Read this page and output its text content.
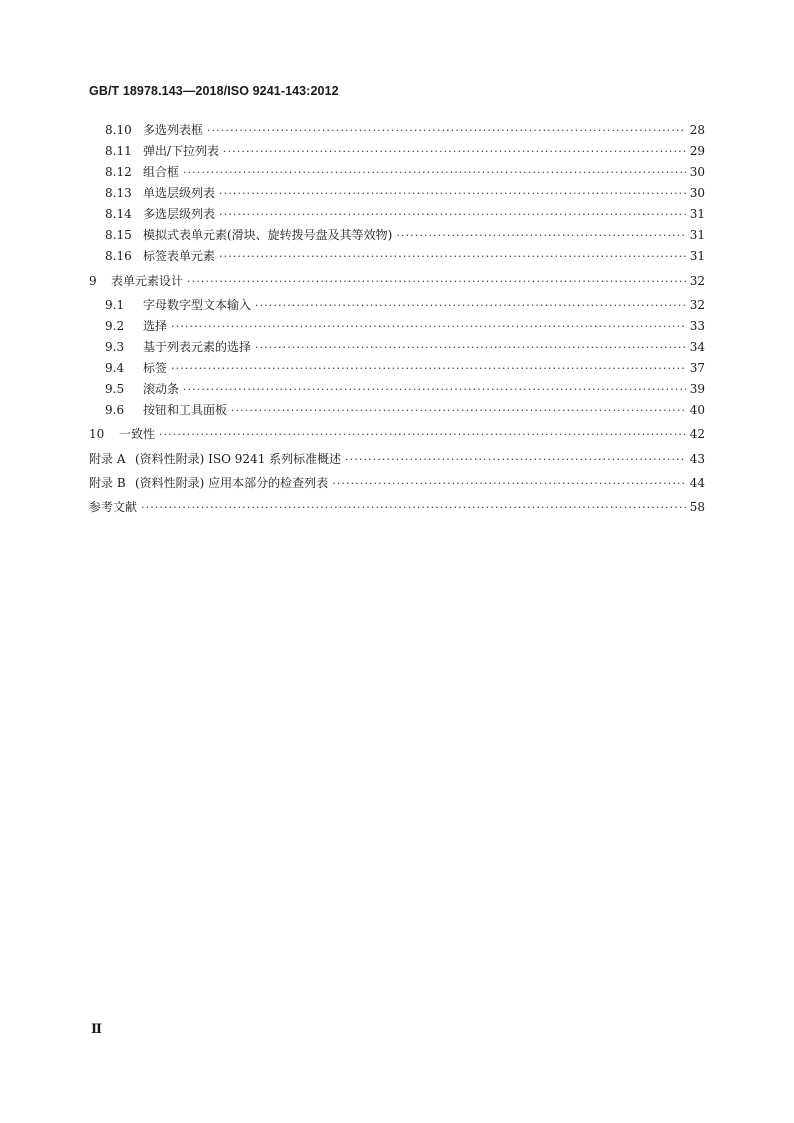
GB/T 18978.143—2018/ISO 9241-143:2012
8.10 多选列表框 ·····	28
8.11 弹出/下拉列表 ·····	29
8.12 组合框 ·····	30
8.13 单选层级列表 ·····	30
8.14 多选层级列表 ·····	31
8.15 模拟式表单元素(滑块、旋转拨号盘及其等效物) ·····	31
8.16 标签表单元素 ·····	31
9	表单元素设计 ·····	32
9.1	字母数字型文本输入 ·····	32
9.2	选择 ·····	33
9.3	基于列表元素的选择 ·····	34
9.4	标签 ·····	37
9.5	滚动条 ·····	39
9.6	按钮和工具面板 ·····	40
10	一致性 ·····	42
附录 A (资料性附录) ISO 9241 系列标准概述 ·····	43
附录 B (资料性附录) 应用本部分的检查列表 ·····	44
参考文献 ·····	58
Ⅱ
